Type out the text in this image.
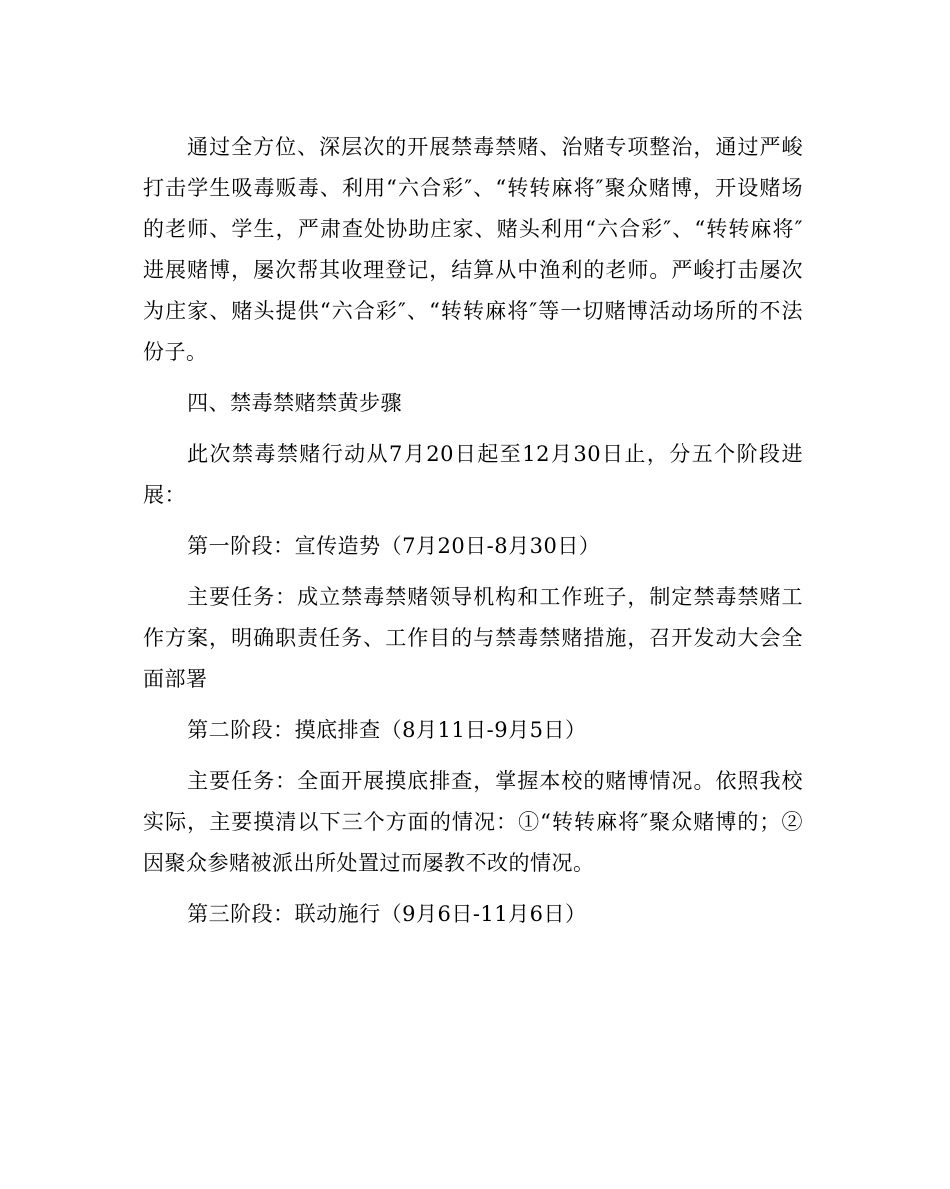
通过全方位、深层次的开展禁毒禁赌、治赌专项整治，通过严峻打击学生吸毒贩毒、利用“六合彩″、“转转麻将″聚众赌博，开设赌场的老师、学生，严肃查处协助庄家、赌头利用“六合彩″、“转转麻将″进展赌博，屡次帮其收理登记，结算从中渔利的老师。严峻打击屡次为庄家、赌头提供“六合彩″、“转转麻将″等一切赌博活动场所的不法份子。

四、禁毒禁赌禁黄步骤

此次禁毒禁赌行动从7月20日起至12月30日止，分五个阶段进展：

第一阶段：宣传造势（7月20日-8月30日）

主要任务：成立禁毒禁赌领导机构和工作班子，制定禁毒禁赌工作方案，明确职责任务、工作目的与禁毒禁赌措施，召开发动大会全面部署

第二阶段：摸底排查（8月11日-9月5日）

主要任务：全面开展摸底排查，掌握本校的赌博情况。依照我校实际，主要摸清以下三个方面的情况：①“转转麻将″聚众赌博的；②因聚众参赌被派出所处置过而屡教不改的情况。

第三阶段：联动施行（9月6日-11月6日）
